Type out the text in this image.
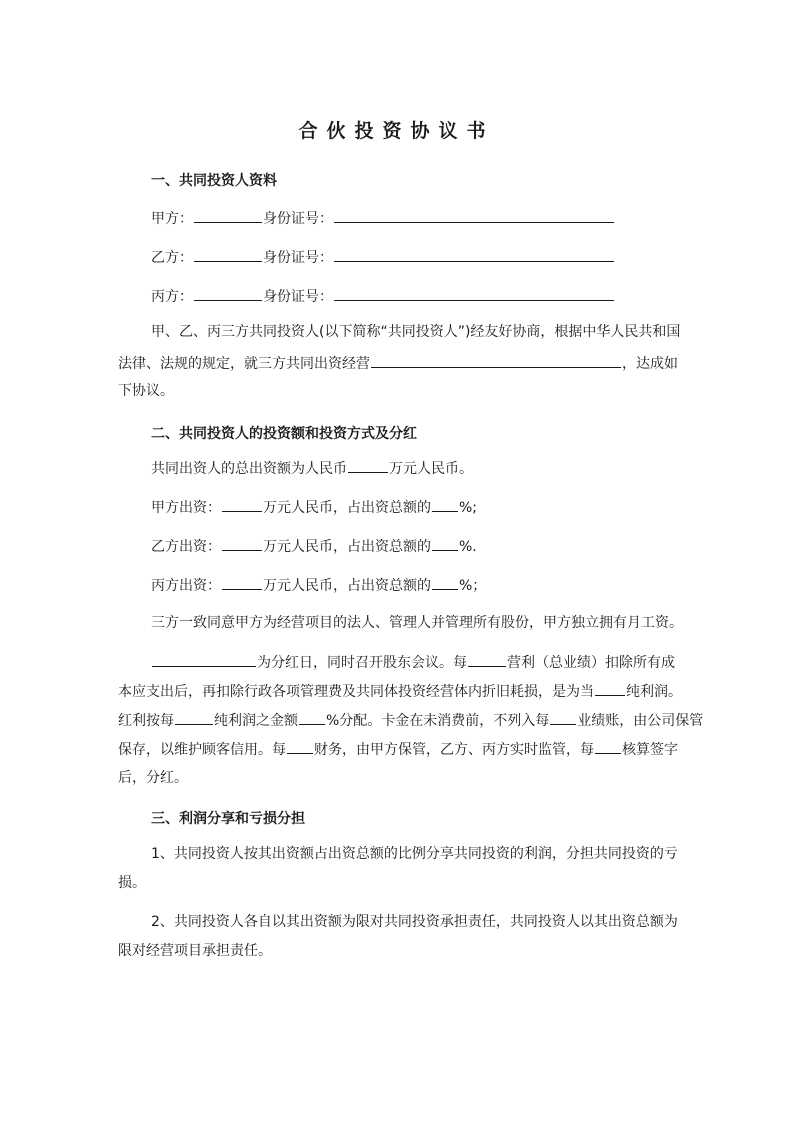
合伙投资协议书
一、共同投资人资料
甲方：	身份证号：
乙方：	身份证号：
丙方：	身份证号：
甲、乙、丙三方共同投资人(以下简称“共同投资人”)经友好协商，根据中华人民共和国
法律、法规的规定，就三方共同出资经营	，达成如
下协议。
二、共同投资人的投资额和投资方式及分红
共同出资人的总出资额为人民币	万元人民币。
甲方出资：	万元人民币，占出资总额的 %;
乙方出资：	万元人民币，占出资总额的 %.
丙方出资：	万元人民币，占出资总额的 %；
三方一致同意甲方为经营项目的法人、管理人并管理所有股份，甲方独立拥有月工资。
为分红日，同时召开股东会议。每	营利（总业绩）扣除所有成
本应支出后，再扣除行政各项管理费及共同体投资经营体内折旧耗损，是为当 纯利润。
红利按每	纯利润之金额 %分配。卡金在未消费前，不列入每 业绩账，由公司保管
保存，以维护顾客信用。每 财务，由甲方保管，乙方、丙方实时监管，每 核算签字
后，分红。
三、利润分享和亏损分担
1、共同投资人按其出资额占出资总额的比例分享共同投资的利润，分担共同投资的亏
损。
2、共同投资人各自以其出资额为限对共同投资承担责任，共同投资人以其出资总额为
限对经营项目承担责任。
